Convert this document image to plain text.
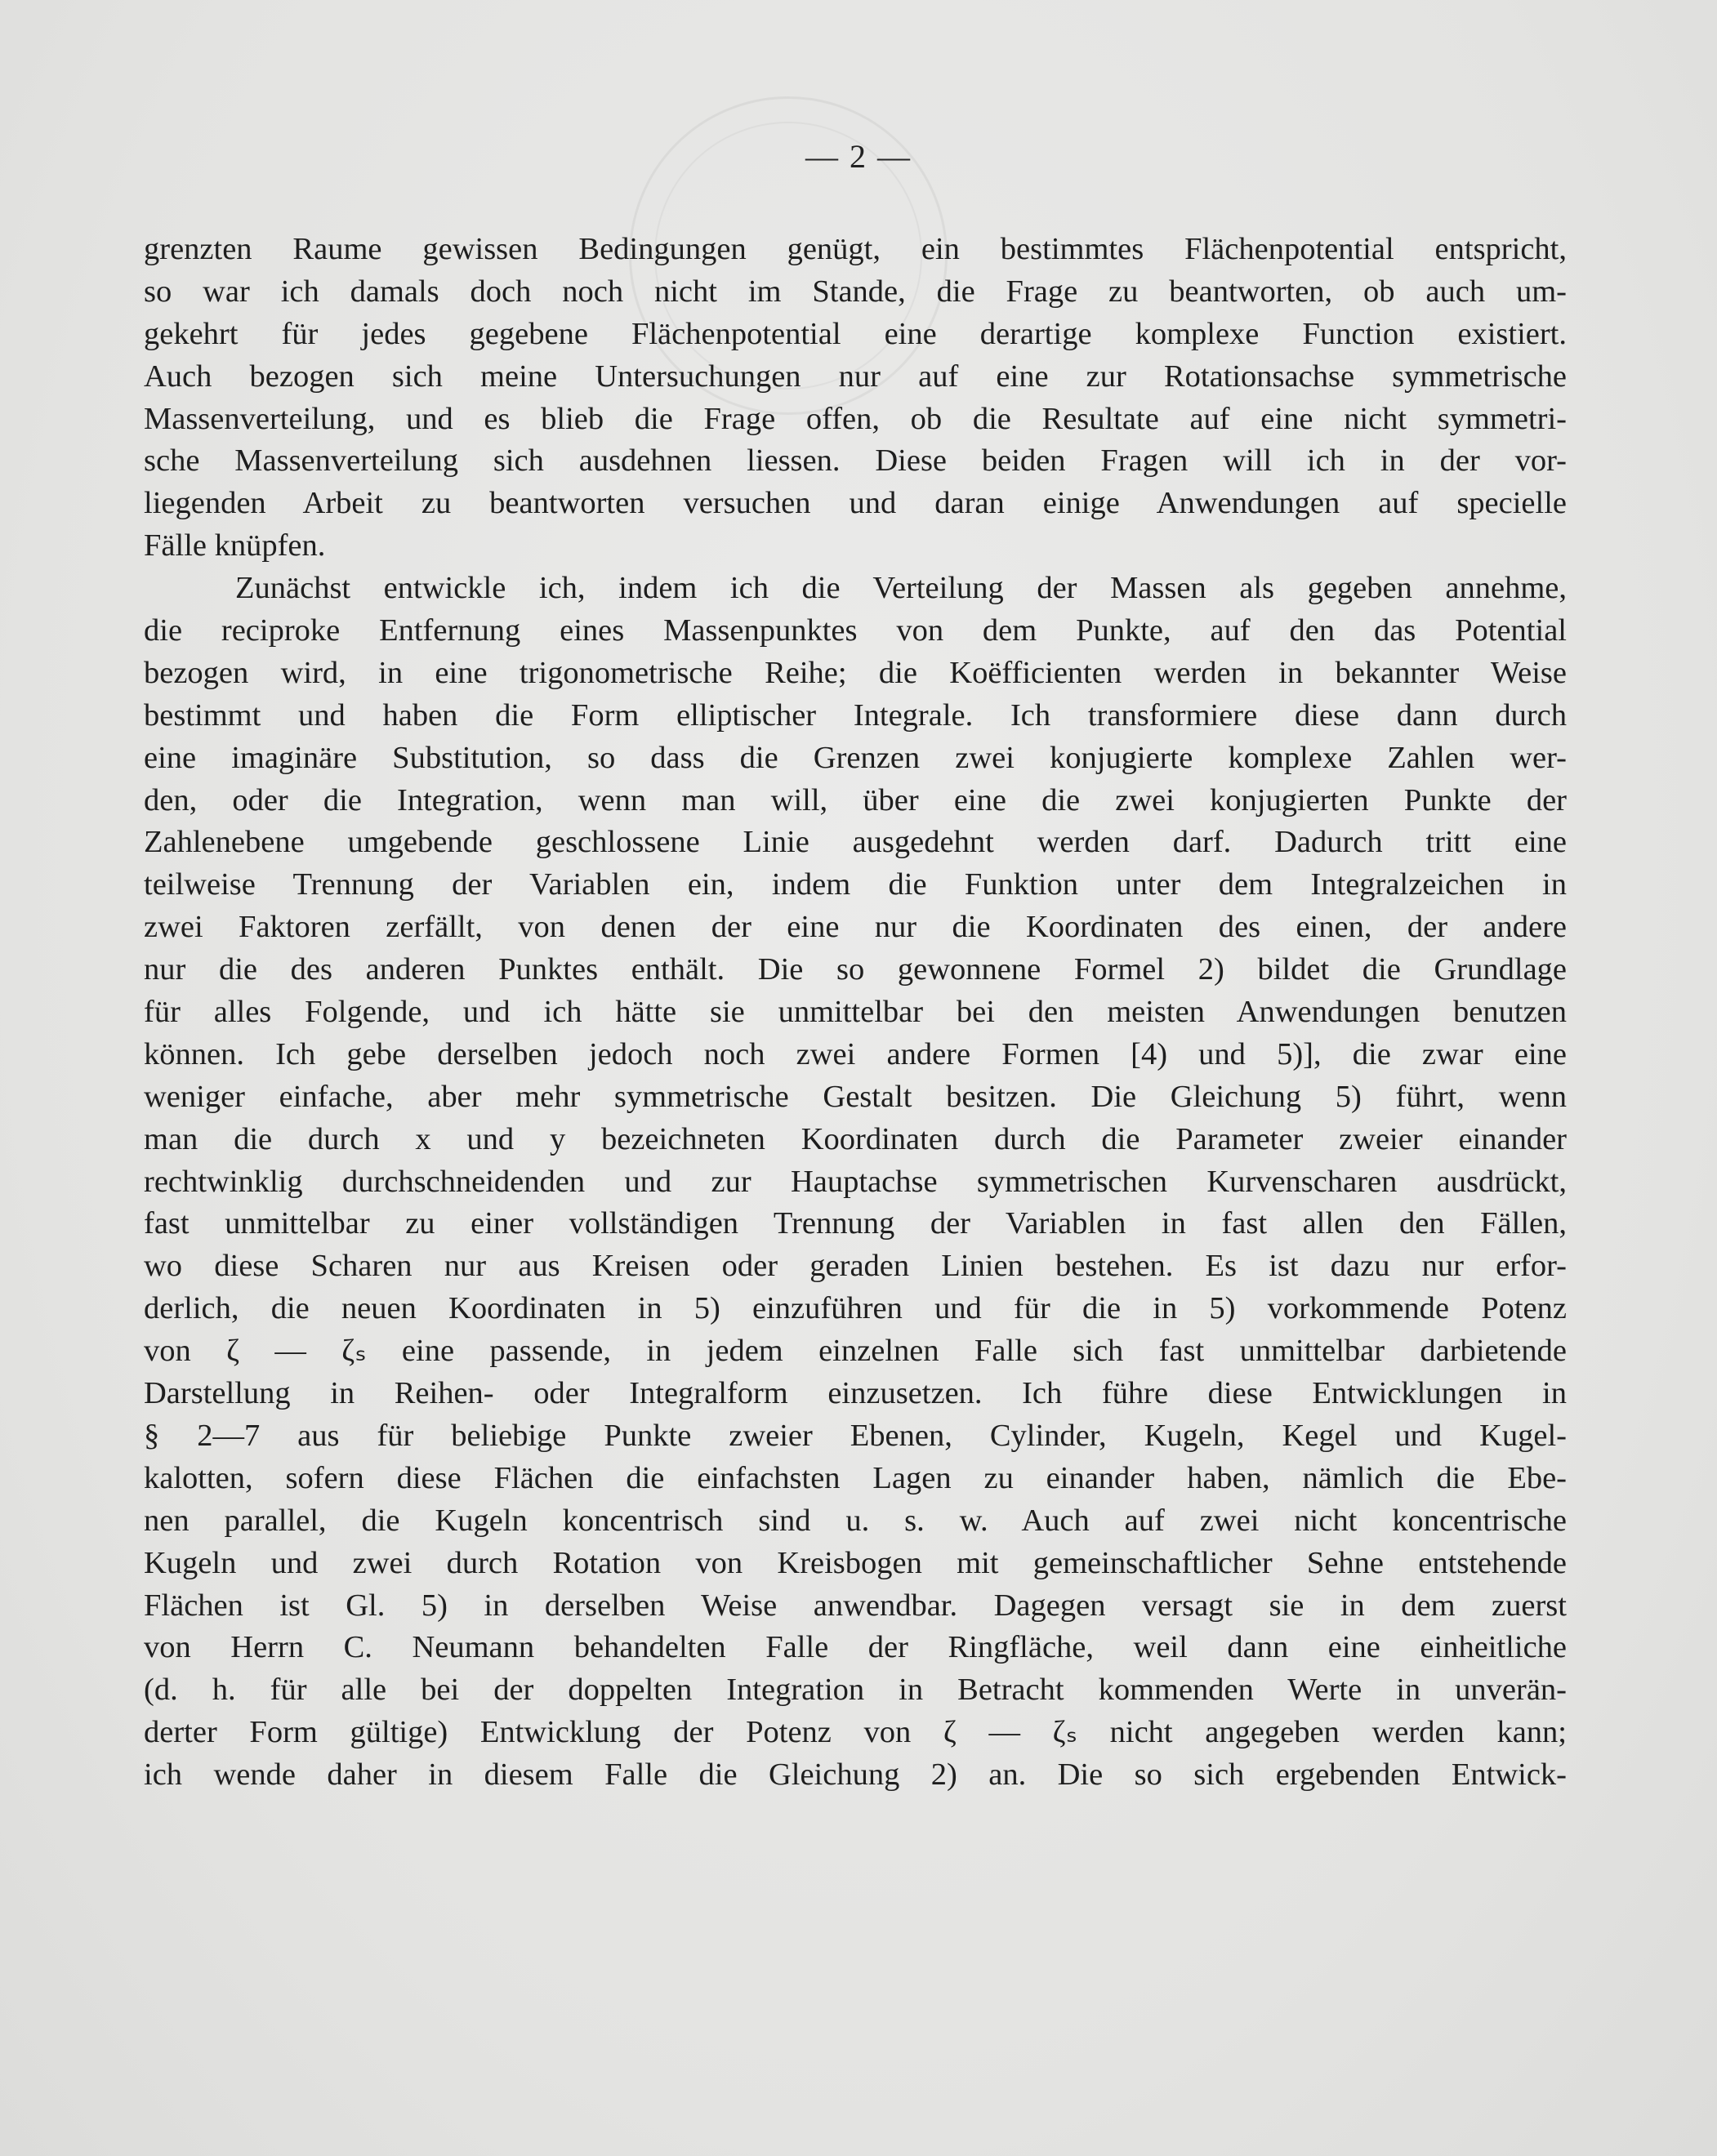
— 2 —
grenzten Raume gewissen Bedingungen genügt, ein bestimmtes Flächenpotential entspricht,
so war ich damals doch noch nicht im Stande, die Frage zu beantworten, ob auch um-
gekehrt für jedes gegebene Flächenpotential eine derartige komplexe Function existiert.
Auch bezogen sich meine Untersuchungen nur auf eine zur Rotationsachse symmetrische
Massenverteilung, und es blieb die Frage offen, ob die Resultate auf eine nicht symmetri-
sche Massenverteilung sich ausdehnen liessen. Diese beiden Fragen will ich in der vor-
liegenden Arbeit zu beantworten versuchen und daran einige Anwendungen auf specielle
Fälle knüpfen.
Zunächst entwickle ich, indem ich die Verteilung der Massen als gegeben annehme,
die reciproke Entfernung eines Massenpunktes von dem Punkte, auf den das Potential
bezogen wird, in eine trigonometrische Reihe; die Koëfficienten werden in bekannter Weise
bestimmt und haben die Form elliptischer Integrale. Ich transformiere diese dann durch
eine imaginäre Substitution, so dass die Grenzen zwei konjugierte komplexe Zahlen wer-
den, oder die Integration, wenn man will, über eine die zwei konjugierten Punkte der
Zahlenebene umgebende geschlossene Linie ausgedehnt werden darf. Dadurch tritt eine
teilweise Trennung der Variablen ein, indem die Funktion unter dem Integralzeichen in
zwei Faktoren zerfällt, von denen der eine nur die Koordinaten des einen, der andere
nur die des anderen Punktes enthält. Die so gewonnene Formel 2) bildet die Grundlage
für alles Folgende, und ich hätte sie unmittelbar bei den meisten Anwendungen benutzen
können. Ich gebe derselben jedoch noch zwei andere Formen [4) und 5)], die zwar eine
weniger einfache, aber mehr symmetrische Gestalt besitzen. Die Gleichung 5) führt, wenn
man die durch x und y bezeichneten Koordinaten durch die Parameter zweier einander
rechtwinklig durchschneidenden und zur Hauptachse symmetrischen Kurvenscharen ausdrückt,
fast unmittelbar zu einer vollständigen Trennung der Variablen in fast allen den Fällen,
wo diese Scharen nur aus Kreisen oder geraden Linien bestehen. Es ist dazu nur erfor-
derlich, die neuen Koordinaten in 5) einzuführen und für die in 5) vorkommende Potenz
von ζ — ζₛ eine passende, in jedem einzelnen Falle sich fast unmittelbar darbietende
Darstellung in Reihen- oder Integralform einzusetzen. Ich führe diese Entwicklungen in
§ 2—7 aus für beliebige Punkte zweier Ebenen, Cylinder, Kugeln, Kegel und Kugel-
kalotten, sofern diese Flächen die einfachsten Lagen zu einander haben, nämlich die Ebe-
nen parallel, die Kugeln koncentrisch sind u. s. w. Auch auf zwei nicht koncentrische
Kugeln und zwei durch Rotation von Kreisbogen mit gemeinschaftlicher Sehne entstehende
Flächen ist Gl. 5) in derselben Weise anwendbar. Dagegen versagt sie in dem zuerst
von Herrn C. Neumann behandelten Falle der Ringfläche, weil dann eine einheitliche
(d. h. für alle bei der doppelten Integration in Betracht kommenden Werte in unverän-
derter Form gültige) Entwicklung der Potenz von ζ — ζₛ nicht angegeben werden kann;
ich wende daher in diesem Falle die Gleichung 2) an. Die so sich ergebenden Entwick-
